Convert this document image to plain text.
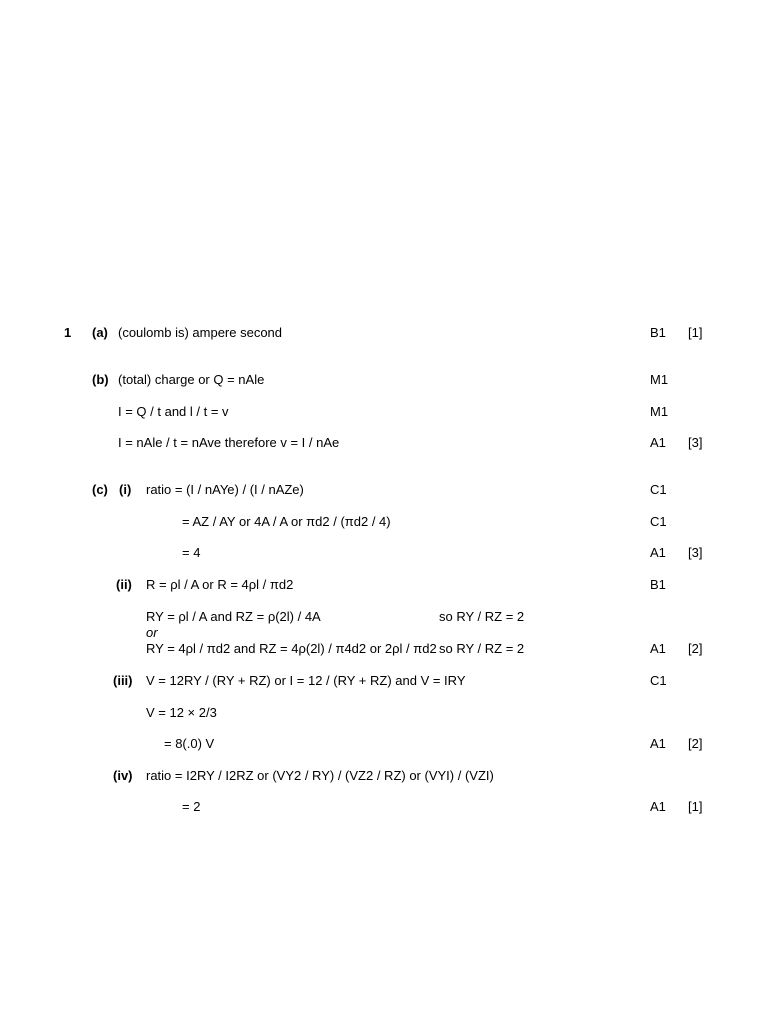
1 (a) (coulomb is) ampere second	B1 [1]
(b) (total) charge or Q = nAle	M1
I = Q / t and l / t = v	M1
I = nAle / t = nAve therefore v = I / nAe	A1 [3]
(c) (i) ratio = (I / nAYe) / (I / nAZe)	C1
= AZ / AY or 4A / A or πd2 / (πd2 / 4)	C1
= 4	A1 [3]
(ii) R = ρl / A or R = 4ρl / πd2	B1
RY = ρl / A and RZ = ρ(2l) / 4A	so RY / RZ = 2
or
RY = 4ρl / πd2 and RZ = 4ρ(2l) / π4d2 or 2ρl / πd2 so RY / RZ = 2	A1 [2]
(iii) V = 12RY / (RY + RZ) or I = 12 / (RY + RZ) and V = IRY	C1
V = 12 × 2/3
= 8(.0) V	A1 [2]
(iv) ratio = I2RY / I2RZ or (VY2 / RY) / (VZ2 / RZ) or (VYI) / (VZI)
= 2	A1 [1]
